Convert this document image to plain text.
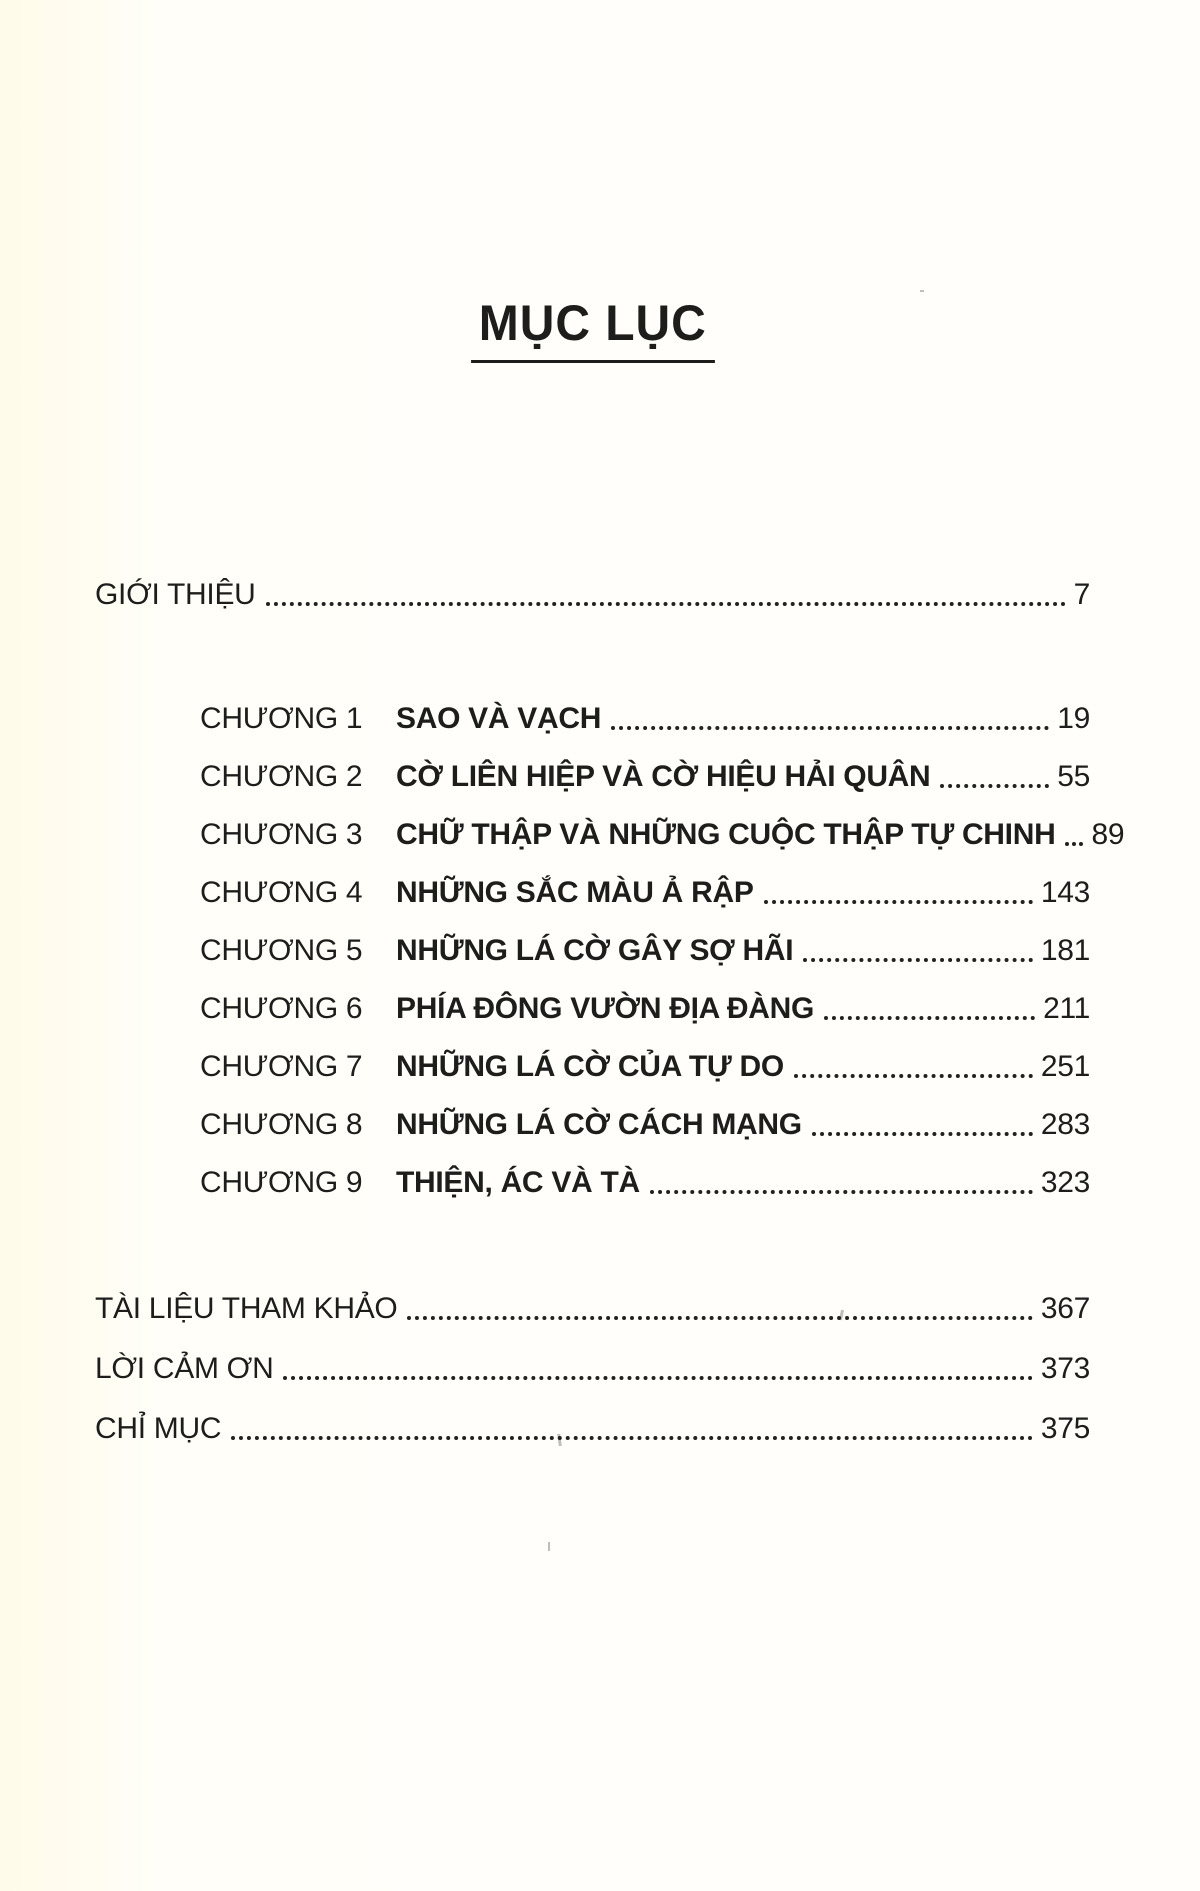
MỤC LỤC
GIỚI THIỆU	7
CHƯƠNG 1	SAO VÀ VẠCH	19
CHƯƠNG 2	CỜ LIÊN HIỆP VÀ CỜ HIỆU HẢI QUÂN	55
CHƯƠNG 3	CHỮ THẬP VÀ NHỮNG CUỘC THẬP TỰ CHINH 89
CHƯƠNG 4	NHỮNG SẮC MÀU Ả RẬP	143
CHƯƠNG 5	NHỮNG LÁ CỜ GÂY SỢ HÃI	181
CHƯƠNG 6	PHÍA ĐÔNG VƯỜN ĐỊA ĐÀNG	211
CHƯƠNG 7	NHỮNG LÁ CỜ CỦA TỰ DO	251
CHƯƠNG 8	NHỮNG LÁ CỜ CÁCH MẠNG	283
CHƯƠNG 9	THIỆN, ÁC VÀ TÀ	323
TÀI LIỆU THAM KHẢO	367
LỜI CẢM ƠN	373
CHỈ MỤC	375
